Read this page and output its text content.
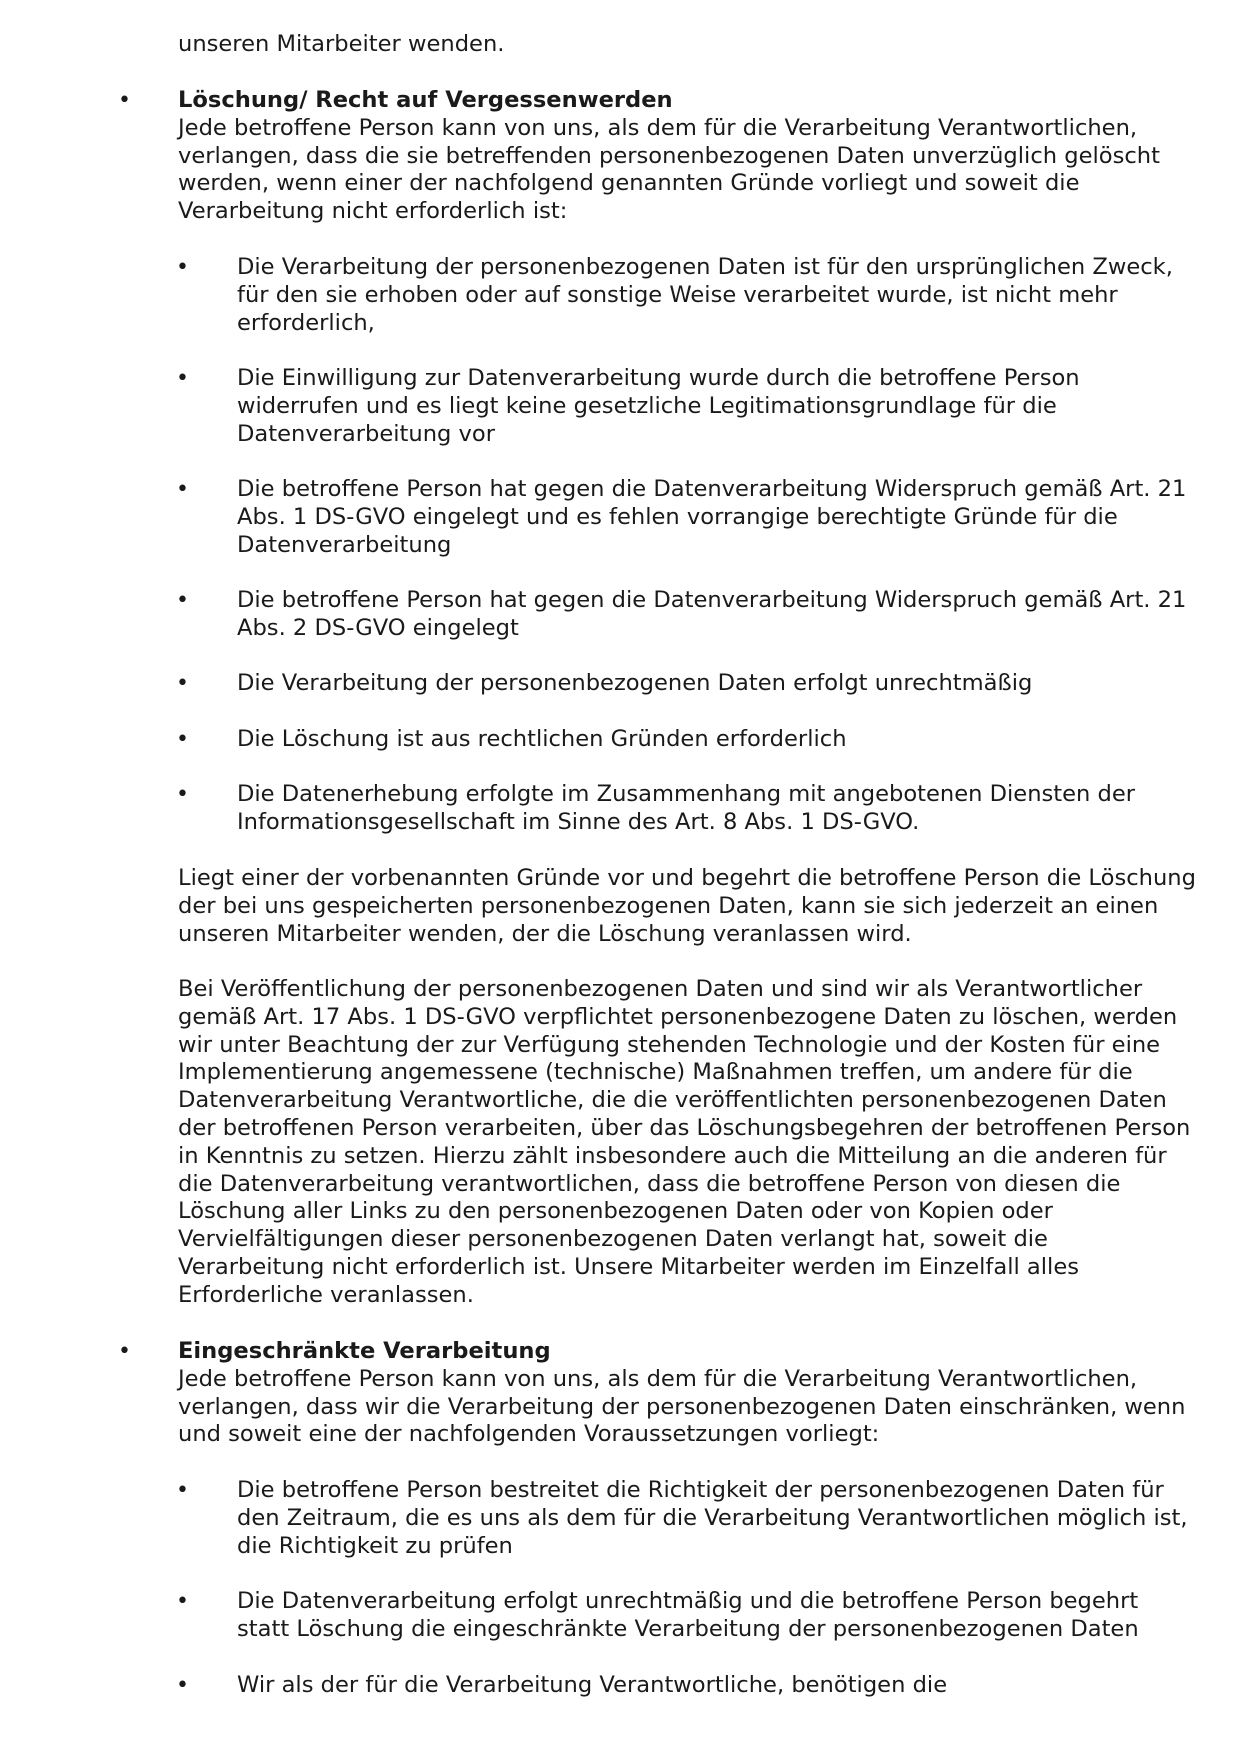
unseren Mitarbeiter wenden.

•	Löschung/ Recht auf Vergessenwerden
Jede betroffene Person kann von uns, als dem für die Verarbeitung Verantwortlichen, verlangen, dass die sie betreffenden personenbezogenen Daten unverzüglich gelöscht werden, wenn einer der nachfolgend genannten Gründe vorliegt und soweit die Verarbeitung nicht erforderlich ist:

•	Die Verarbeitung der personenbezogenen Daten ist für den ursprünglichen Zweck, für den sie erhoben oder auf sonstige Weise verarbeitet wurde, ist nicht mehr erforderlich,

•	Die Einwilligung zur Datenverarbeitung wurde durch die betroffene Person widerrufen und es liegt keine gesetzliche Legitimationsgrundlage für die Datenverarbeitung vor

•	Die betroffene Person hat gegen die Datenverarbeitung Widerspruch gemäß Art. 21 Abs. 1 DS-GVO eingelegt und es fehlen vorrangige berechtigte Gründe für die Datenverarbeitung

•	Die betroffene Person hat gegen die Datenverarbeitung Widerspruch gemäß Art. 21 Abs. 2 DS-GVO eingelegt

•	Die Verarbeitung der personenbezogenen Daten erfolgt unrechtmäßig

•	Die Löschung ist aus rechtlichen Gründen erforderlich

•	Die Datenerhebung erfolgte im Zusammenhang mit angebotenen Diensten der Informationsgesellschaft im Sinne des Art. 8 Abs. 1 DS-GVO.

Liegt einer der vorbenannten Gründe vor und begehrt die betroffene Person die Löschung der bei uns gespeicherten personenbezogenen Daten, kann sie sich jederzeit an einen unseren Mitarbeiter wenden, der die Löschung veranlassen wird.

Bei Veröffentlichung der personenbezogenen Daten und sind wir als Verantwortlicher gemäß Art. 17 Abs. 1 DS-GVO verpflichtet personenbezogene Daten zu löschen, werden wir unter Beachtung der zur Verfügung stehenden Technologie und der Kosten für eine Implementierung angemessene (technische) Maßnahmen treffen, um andere für die Datenverarbeitung Verantwortliche, die die veröffentlichten personenbezogenen Daten der betroffenen Person verarbeiten, über das Löschungsbegehren der betroffenen Person in Kenntnis zu setzen. Hierzu zählt insbesondere auch die Mitteilung an die anderen für die Datenverarbeitung verantwortlichen, dass die betroffene Person von diesen die Löschung aller Links zu den personenbezogenen Daten oder von Kopien oder Vervielfältigungen dieser personenbezogenen Daten verlangt hat, soweit die Verarbeitung nicht erforderlich ist. Unsere Mitarbeiter werden im Einzelfall alles Erforderliche veranlassen.

•	Eingeschränkte Verarbeitung
Jede betroffene Person kann von uns, als dem für die Verarbeitung Verantwortlichen, verlangen, dass wir die Verarbeitung der personenbezogenen Daten einschränken, wenn und soweit eine der nachfolgenden Voraussetzungen vorliegt:

•	Die betroffene Person bestreitet die Richtigkeit der personenbezogenen Daten für den Zeitraum, die es uns als dem für die Verarbeitung Verantwortlichen möglich ist, die Richtigkeit zu prüfen

•	Die Datenverarbeitung erfolgt unrechtmäßig und die betroffene Person begehrt statt Löschung die eingeschränkte Verarbeitung der personenbezogenen Daten

•	Wir als der für die Verarbeitung Verantwortliche, benötigen die
